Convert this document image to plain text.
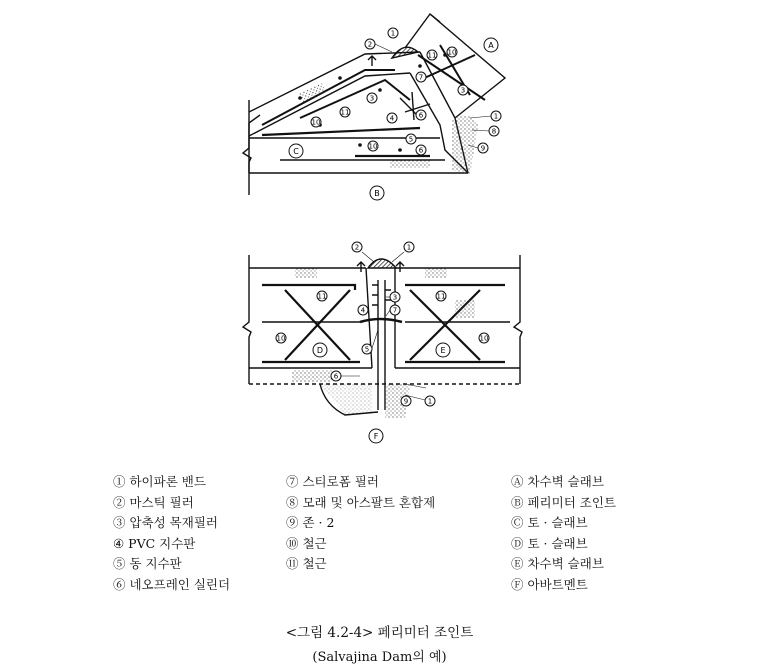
1
2
11 10
7
3
3
11
4	6
10
5
10	6
1
8
9
A
C
B
2	1
11	11
3
4	7
10	10
5
6
9	1
D	E
F
① 하이파론 밴드
② 마스틱 필러
③ 압축성 목재필러
④ PVC 지수판
⑤ 동 지수판
⑥ 네오프레인 실린더
⑦ 스티로폼 필러
⑧ 모래 및 아스팔트 혼합제
⑨ 존 · 2
⑩ 철근
⑪ 철근
Ⓐ 차수벽 슬래브
Ⓑ 페리미터 조인트
Ⓒ 토 · 슬래브
Ⓓ 토 · 슬래브
Ⓔ 차수벽 슬래브
Ⓕ 아바트멘트
<그림 4.2-4> 페리미터 조인트
(Salvajina Dam의 예)
